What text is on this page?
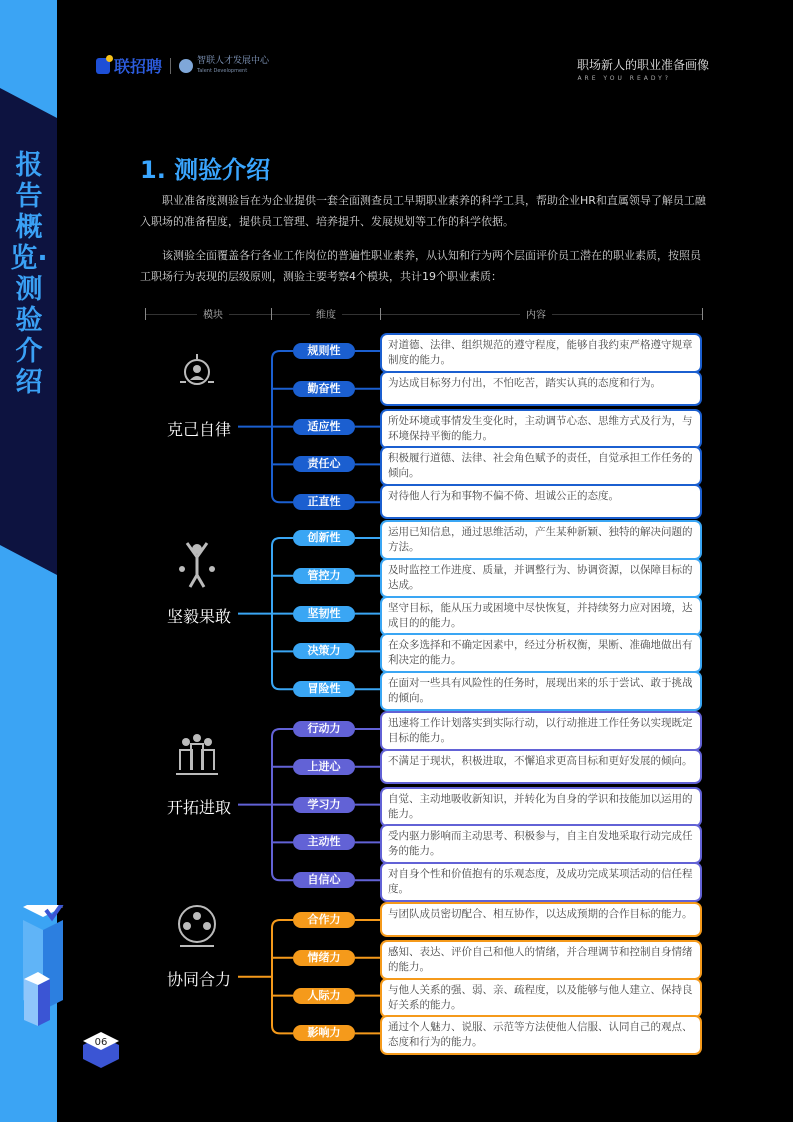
报告概览·测验介绍
联招聘	智联人才发展中心
Talent Development	职场新人的职业准备画像
ARE YOU READY?
1. 测验介绍

职业准备度测验旨在为企业提供一套全面测查员工早期职业素养的科学工具，帮助企业HR和直属领导了解员工融入职场的准备程度，提供员工管理、培养提升、发展规划等工作的科学依据。

该测验全面覆盖各行各业工作岗位的普遍性职业素养，从认知和行为两个层面评价员工潜在的职业素质，按照员工职场行为表现的层级原则，测验主要考察4个模块，共计19个职业素质：

模块	维度	内容
克己自律
规则性	对道德、法律、组织规范的遵守程度，能够自我约束严格遵守规章制度的能力。
勤奋性	为达成目标努力付出，不怕吃苦，踏实认真的态度和行为。
适应性	所处环境或事情发生变化时，主动调节心态、思维方式及行为，与环境保持平衡的能力。
责任心	积极履行道德、法律、社会角色赋予的责任，自觉承担工作任务的倾向。
正直性	对待他人行为和事物不偏不倚、坦诚公正的态度。
坚毅果敢
创新性	运用已知信息，通过思维活动，产生某种新颖、独特的解决问题的方法。
管控力	及时监控工作进度、质量，并调整行为、协调资源，以保障目标的达成。
坚韧性	坚守目标，能从压力或困境中尽快恢复，并持续努力应对困境，达成目的的能力。
决策力	在众多选择和不确定因素中，经过分析权衡，果断、准确地做出有利决定的能力。
冒险性	在面对一些具有风险性的任务时，展现出来的乐于尝试、敢于挑战的倾向。
开拓进取
行动力	迅速将工作计划落实到实际行动，以行动推进工作任务以实现既定目标的能力。
上进心	不满足于现状，积极进取，不懈追求更高目标和更好发展的倾向。
学习力	自觉、主动地吸收新知识，并转化为自身的学识和技能加以运用的能力。
主动性	受内驱力影响而主动思考、积极参与，自主自发地采取行动完成任务的能力。
自信心	对自身个性和价值抱有的乐观态度，及成功完成某项活动的信任程度。
协同合力
合作力	与团队成员密切配合、相互协作，以达成预期的合作目标的能力。
情绪力	感知、表达、评价自己和他人的情绪，并合理调节和控制自身情绪的能力。
人际力	与他人关系的强、弱、亲、疏程度，以及能够与他人建立、保持良好关系的能力。
影响力	通过个人魅力、说服、示范等方法使他人信服、认同自己的观点、态度和行为的能力。
06
